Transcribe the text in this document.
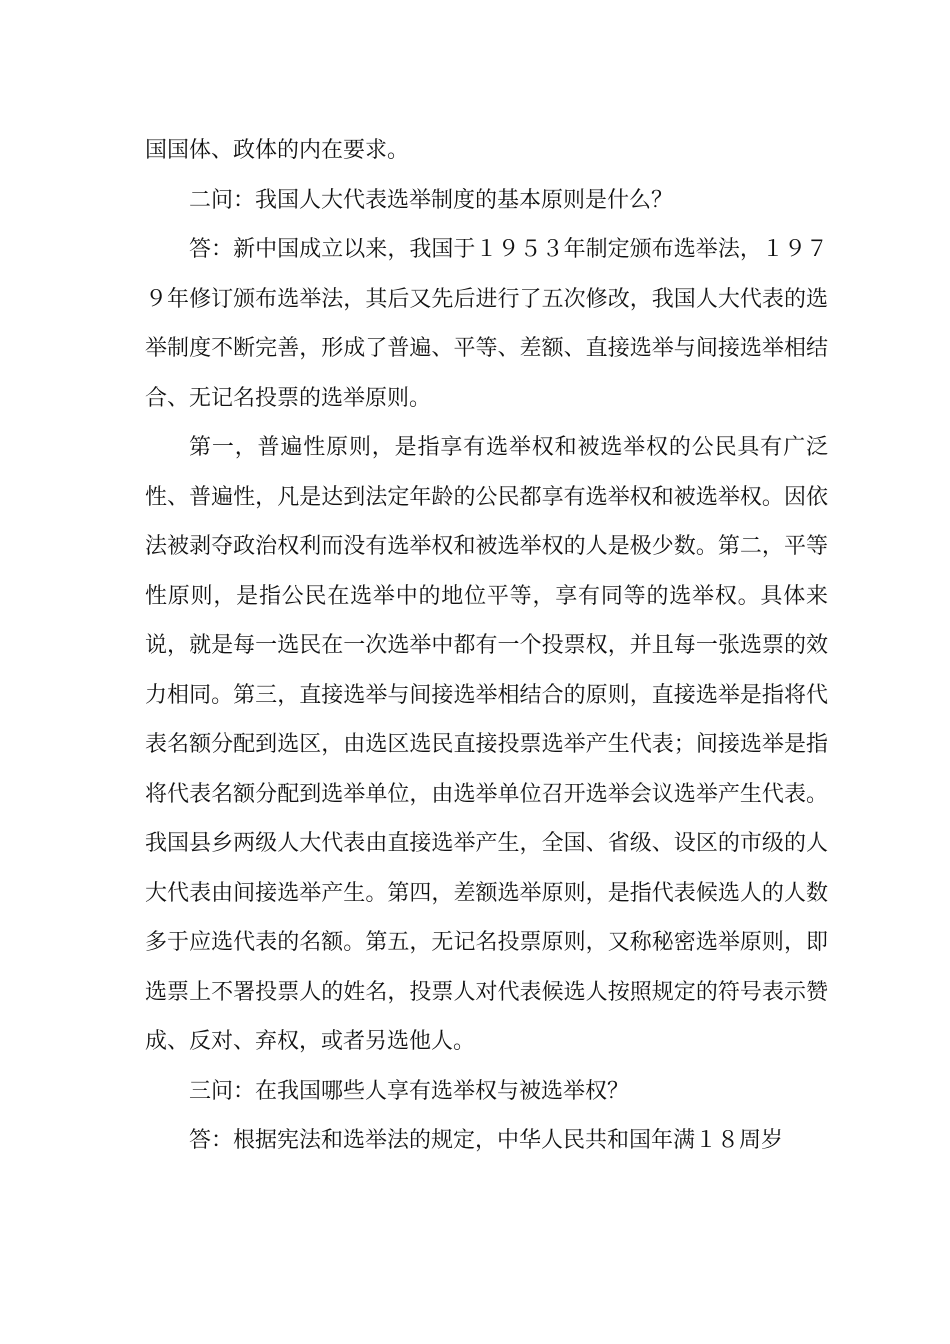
国国体、政体的内在要求。

二问：我国人大代表选举制度的基本原则是什么？

答：新中国成立以来，我国于１９５３年制定颁布选举法，１９７９年修订颁布选举法，其后又先后进行了五次修改，我国人大代表的选举制度不断完善，形成了普遍、平等、差额、直接选举与间接选举相结合、无记名投票的选举原则。

第一，普遍性原则，是指享有选举权和被选举权的公民具有广泛性、普遍性，凡是达到法定年龄的公民都享有选举权和被选举权。因依法被剥夺政治权利而没有选举权和被选举权的人是极少数。第二，平等性原则，是指公民在选举中的地位平等，享有同等的选举权。具体来说，就是每一选民在一次选举中都有一个投票权，并且每一张选票的效力相同。第三，直接选举与间接选举相结合的原则，直接选举是指将代表名额分配到选区，由选区选民直接投票选举产生代表；间接选举是指将代表名额分配到选举单位，由选举单位召开选举会议选举产生代表。我国县乡两级人大代表由直接选举产生，全国、省级、设区的市级的人大代表由间接选举产生。第四，差额选举原则，是指代表候选人的人数多于应选代表的名额。第五，无记名投票原则，又称秘密选举原则，即选票上不署投票人的姓名，投票人对代表候选人按照规定的符号表示赞成、反对、弃权，或者另选他人。

三问：在我国哪些人享有选举权与被选举权？

答：根据宪法和选举法的规定，中华人民共和国年满１８周岁
